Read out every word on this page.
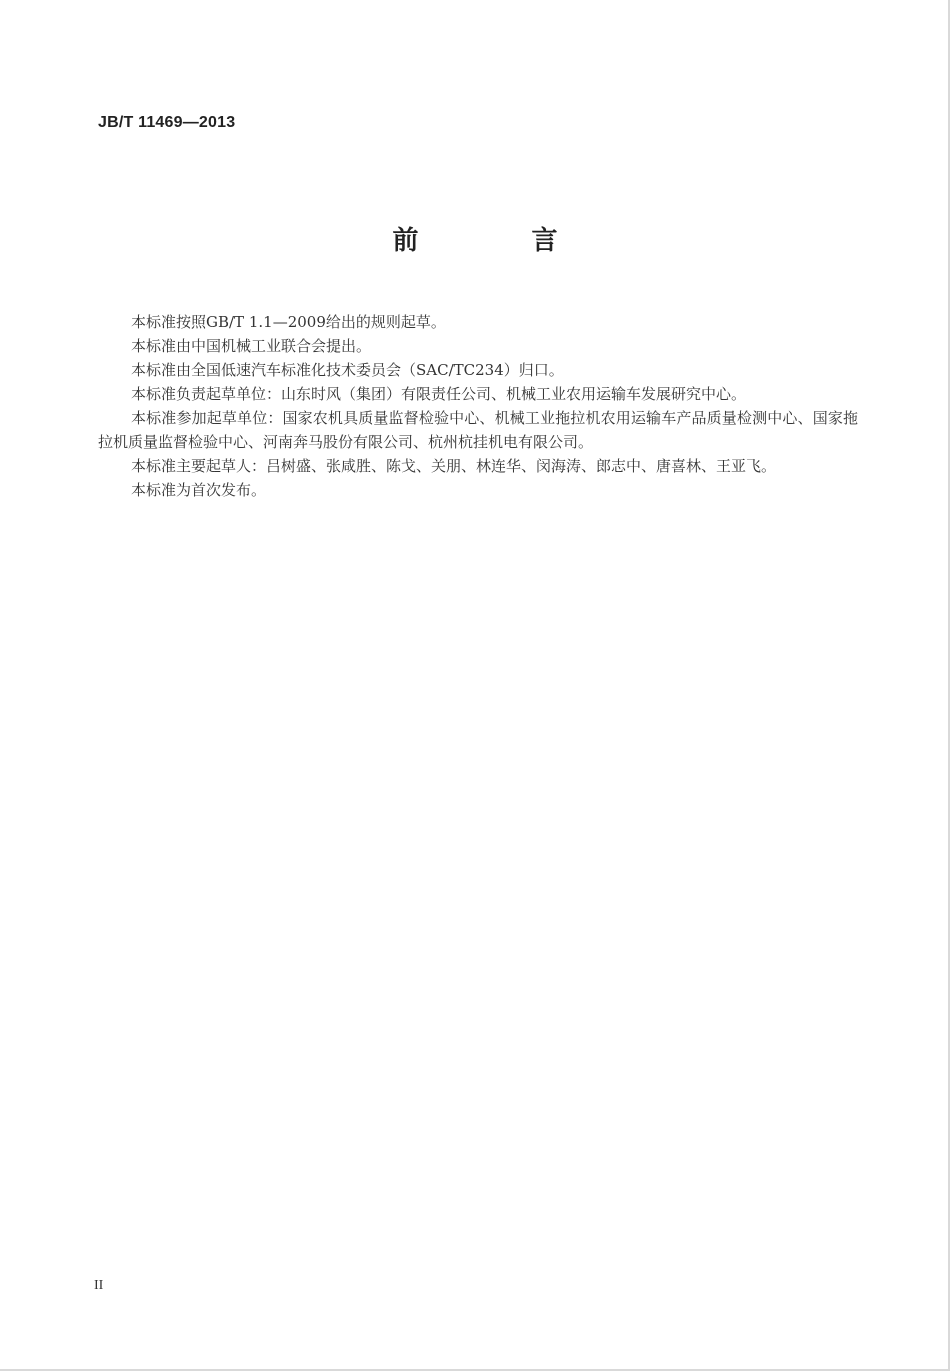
JB/T 11469—2013
前 言

本标准按照GB/T 1.1—2009给出的规则起草。

本标准由中国机械工业联合会提出。

本标准由全国低速汽车标准化技术委员会（SAC/TC234）归口。

本标准负责起草单位：山东时风（集团）有限责任公司、机械工业农用运输车发展研究中心。

本标准参加起草单位：国家农机具质量监督检验中心、机械工业拖拉机农用运输车产品质量检测中心、国家拖拉机质量监督检验中心、河南奔马股份有限公司、杭州杭挂机电有限公司。

本标准主要起草人：吕树盛、张咸胜、陈戈、关朋、林连华、闵海涛、郎志中、唐喜林、王亚飞。

本标准为首次发布。

II
